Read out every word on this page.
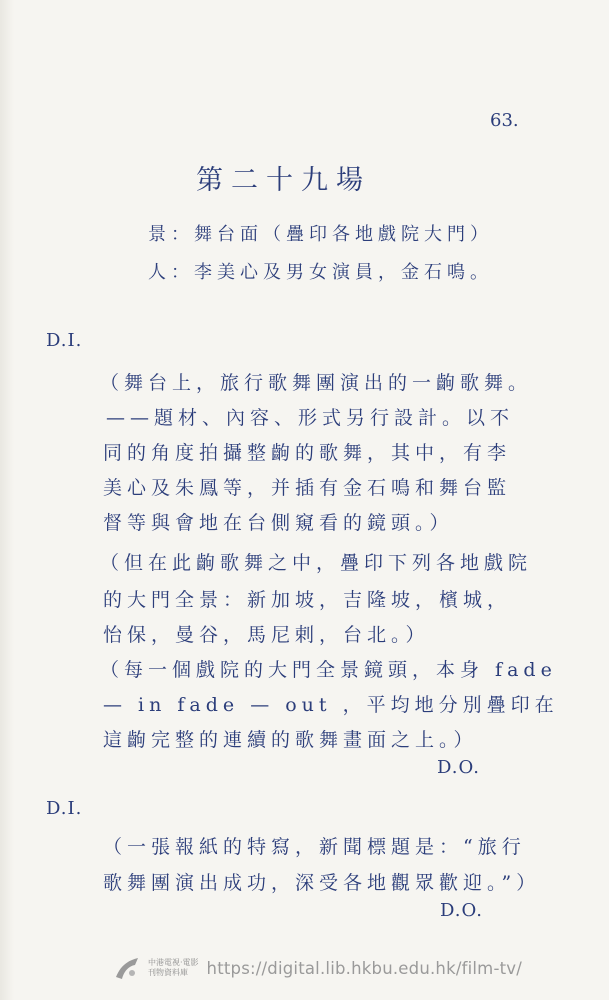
63.
第二十九場
景：舞台面（疊印各地戲院大門）
人：李美心及男女演員，金石鳴。
D.I.
（舞台上，旅行歌舞團演出的一齣歌舞。
——題材、內容、形式另行設計。以不
同的角度拍攝整齣的歌舞，其中，有李
美心及朱鳳等，并插有金石鳴和舞台監
督等與會地在台側窺看的鏡頭。）
（但在此齣歌舞之中，疊印下列各地戲院
的大門全景：新加坡，吉隆坡，檳城，
怡保，曼谷，馬尼剌，台北。）
（每一個戲院的大門全景鏡頭，本身 fade
— in fade — out ，平均地分別疊印在
這齣完整的連續的歌舞畫面之上。）
D.O.
D.I.
（一張報紙的特寫，新聞標題是：“旅行
歌舞團演出成功，深受各地觀眾歡迎。”）
D.O.
中港電視·電影
刊物資料庫	https://digital.lib.hkbu.edu.hk/film-tv/
